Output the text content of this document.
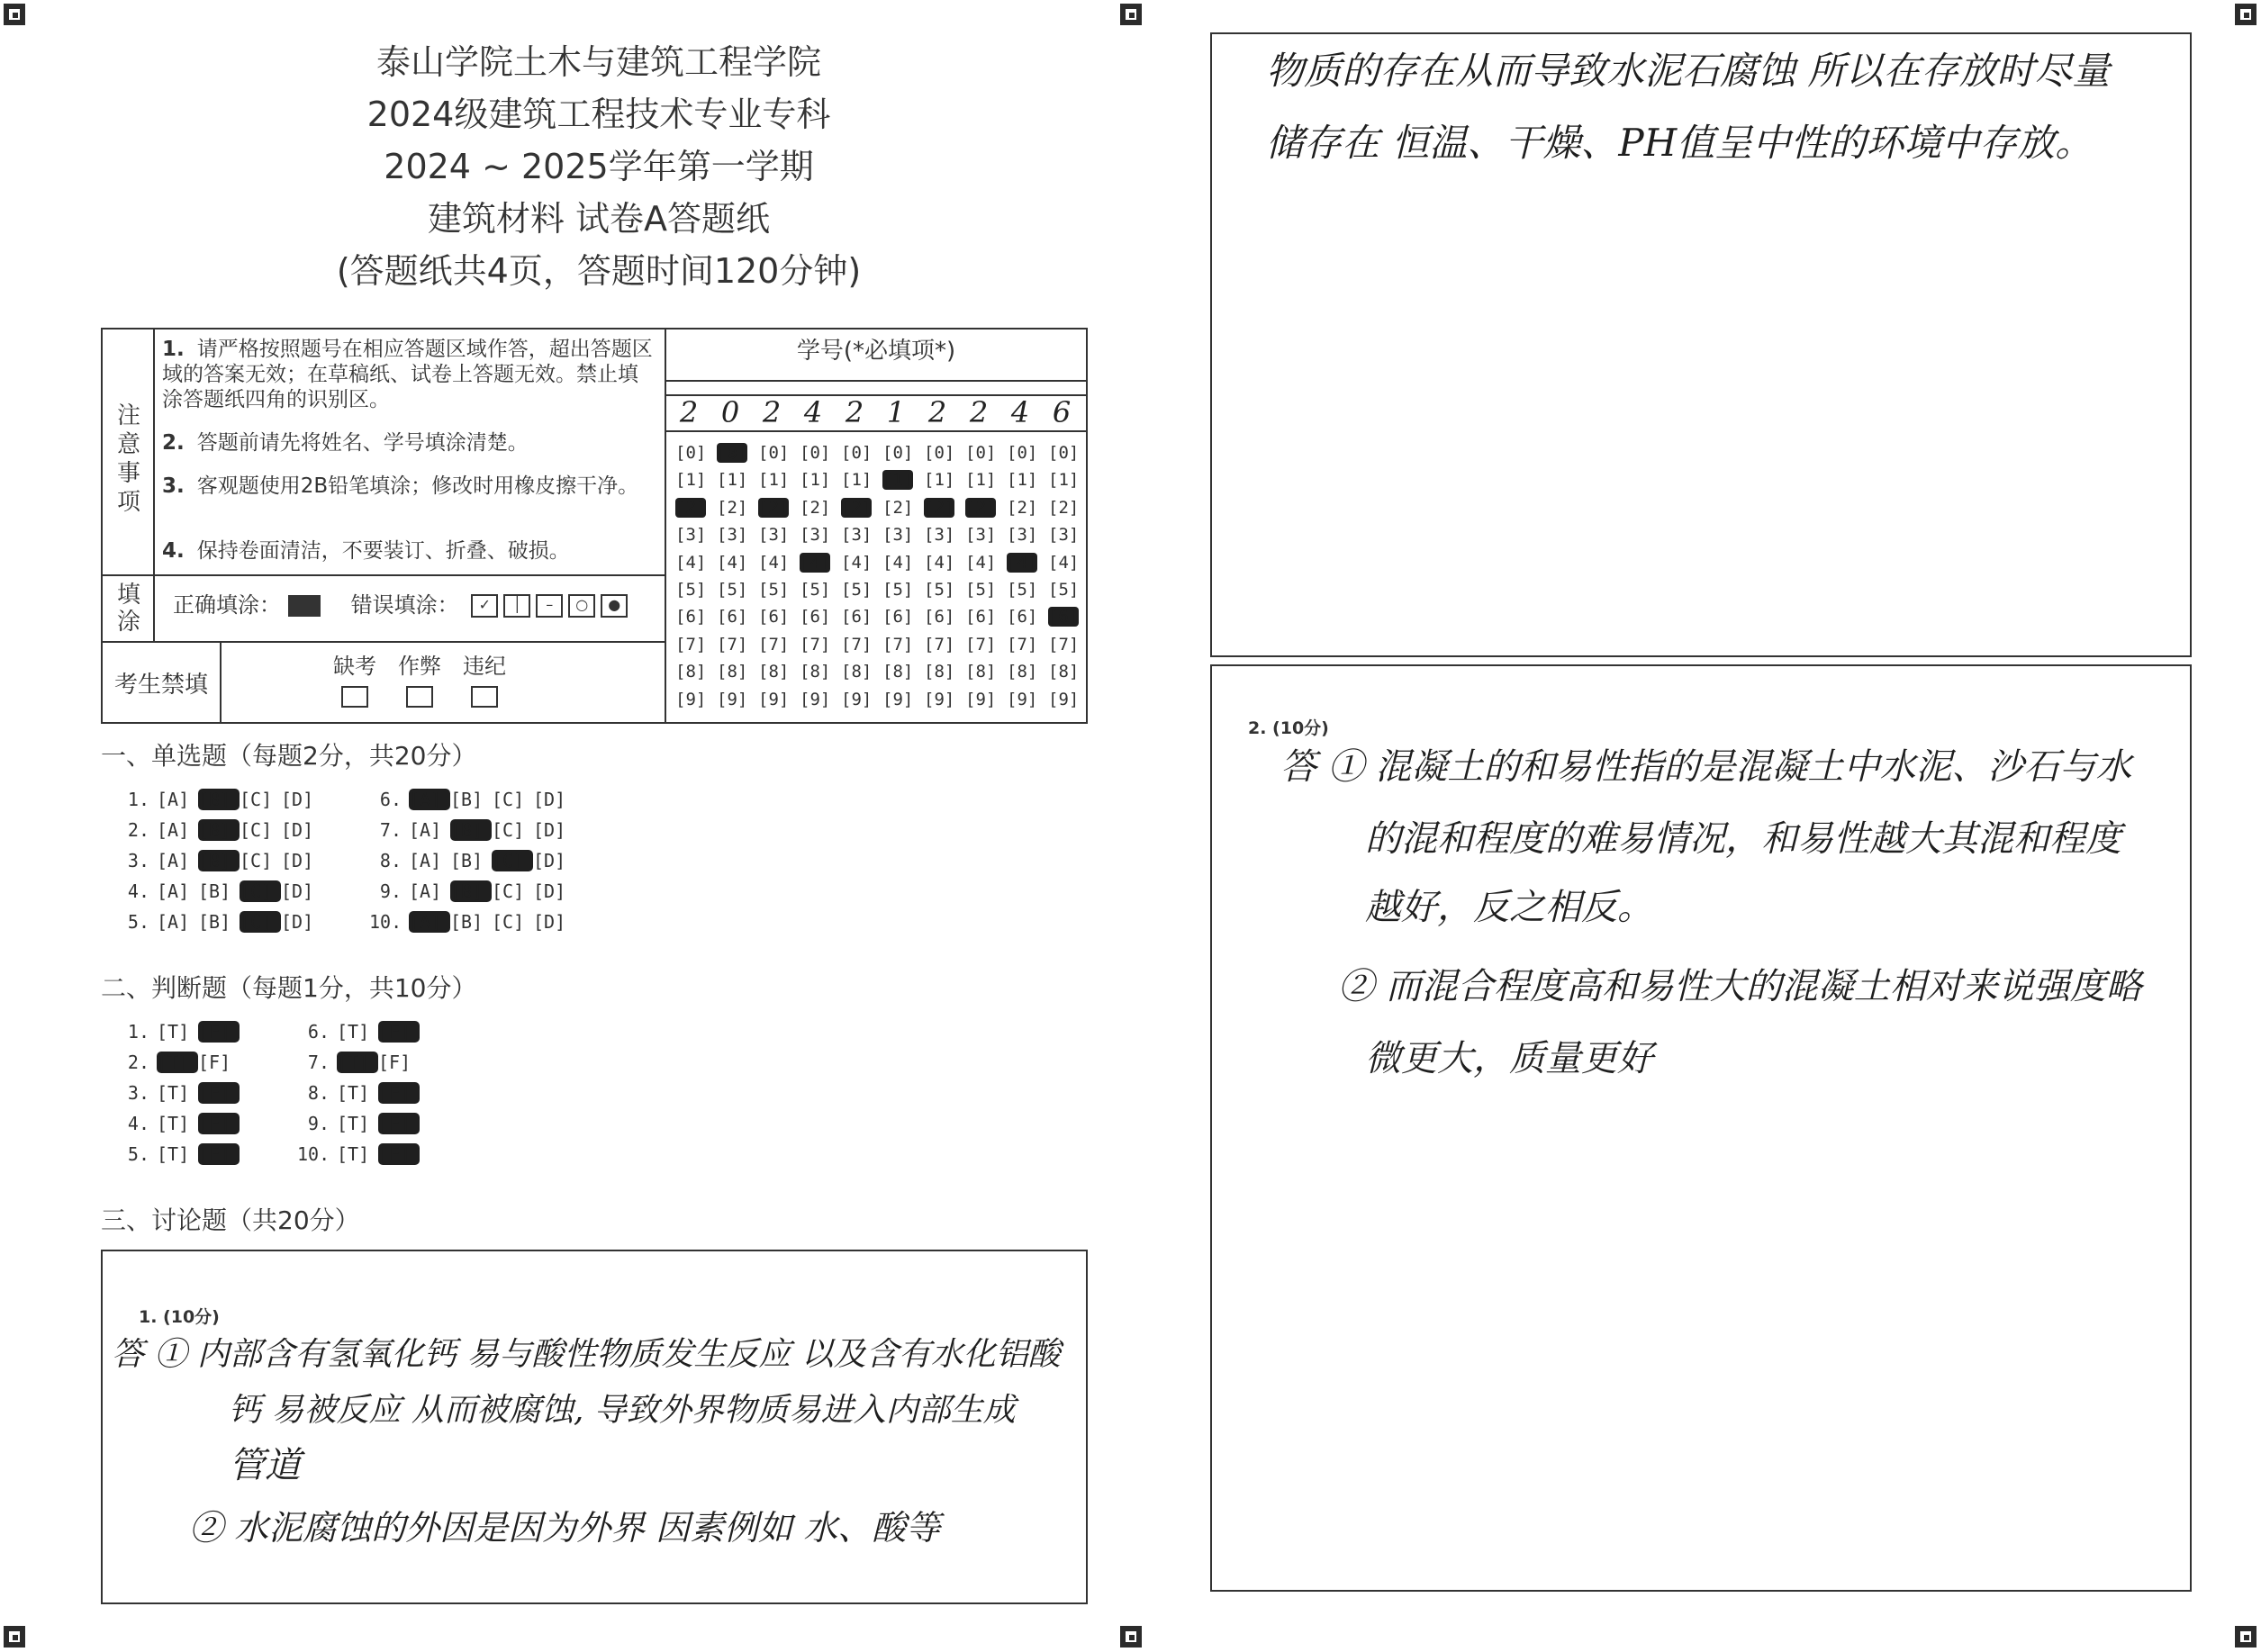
泰山学院土木与建筑工程学院
2024级建筑工程技术专业专科
2024 ~ 2025学年第一学期
建筑材料 试卷A答题纸
(答题纸共4页，答题时间120分钟)
注意事项
1. 请严格按照题号在相应答题区域作答，超出答题区域的答案无效；在草稿纸、试卷上答题无效。禁止填涂答题纸四角的识别区。
2. 答题前请先将姓名、学号填涂清楚。
3. 客观题使用2B铅笔填涂；修改时用橡皮擦干净。
4. 保持卷面清洁，不要装订、折叠、破损。
填涂
正确填涂：	错误填涂： ✓ │ – ○ ●
考生禁填
缺考 作弊 违纪
学号(*必填项*)
2
[0]
[1]
[2]
[3]
[4]
[5]
[6]
[7]
[8]
[9]
0
[0]
[1]
[2]
[3]
[4]
[5]
[6]
[7]
[8]
[9]
2
[0]
[1]
[2]
[3]
[4]
[5]
[6]
[7]
[8]
[9]
4
[0]
[1]
[2]
[3]
[4]
[5]
[6]
[7]
[8]
[9]
2
[0]
[1]
[2]
[3]
[4]
[5]
[6]
[7]
[8]
[9]
1
[0]
[1]
[2]
[3]
[4]
[5]
[6]
[7]
[8]
[9]
2
[0]
[1]
[2]
[3]
[4]
[5]
[6]
[7]
[8]
[9]
2
[0]
[1]
[2]
[3]
[4]
[5]
[6]
[7]
[8]
[9]
4
[0]
[1]
[2]
[3]
[4]
[5]
[6]
[7]
[8]
[9]
6
[0]
[1]
[2]
[3]
[4]
[5]
[6]
[7]
[8]
[9]
一、单选题（每题2分，共20分）
1. [A] [B] [C] [D]
2. [A] [B] [C] [D]
3. [A] [B] [C] [D]
4. [A] [B] [C] [D]
5. [A] [B] [C] [D]
6. [A] [B] [C] [D]
7. [A] [B] [C] [D]
8. [A] [B] [C] [D]
9. [A] [B] [C] [D]
10. [A] [B] [C] [D]
二、判断题（每题1分，共10分）
1. [T] [F]
2. [T] [F]
3. [T] [F]
4. [T] [F]
5. [T] [F]
6. [T] [F]
7. [T] [F]
8. [T] [F]
9. [T] [F]
10. [T] [F]
三、讨论题（共20分）
1. (10分)
答 ① 内部含有氢氧化钙 易与酸性物质发生反应 以及含有水化铝酸
钙 易被反应 从而被腐蚀, 导致外界物质易进入内部生成
管道
② 水泥腐蚀的外因是因为外界 因素例如 水、酸等
物质的存在从而导致水泥石腐蚀 所以在存放时尽量
储存在 恒温、干燥、PH值呈中性的环境中存放。
2. (10分)
答 ① 混凝土的和易性指的是混凝土中水泥、沙石与水
的混和程度的难易情况，和易性越大其混和程度
越好，反之相反。
② 而混合程度高和易性大的混凝土相对来说强度略
微更大，质量更好
